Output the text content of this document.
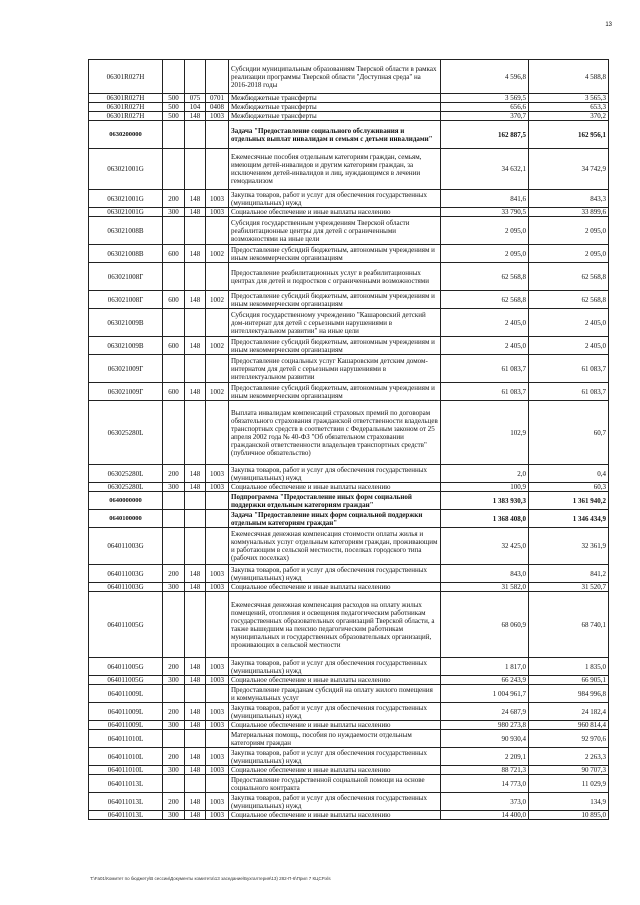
13
06301R027H				Субсидии муниципальным образованиям Тверской области в рамках реализации программы Тверской области "Доступная среда" на 2016-2018 годы	4 596,8	4 588,8
06301R027H	500	075	0701	Межбюджетные трансферты	3 569,5	3 565,3
06301R027H	500	104	0408	Межбюджетные трансферты	656,6	653,3
06301R027H	500	148	1003	Межбюджетные трансферты	370,7	370,2
0630200000				Задача "Предоставление социального обслуживания и отдельных выплат инвалидам и семьям с детьми инвалидами"	162 887,5	162 956,1
063021001G				Ежемесячные пособия отдельным категориям граждан, семьям, имеющим детей-инвалидов и другим категориям граждан, за исключением детей-инвалидов и лиц, нуждающимся в лечении гемодиализом	34 632,1	34 742,9
063021001G	200	148	1003	Закупка товаров, работ и услуг для обеспечения государственных (муниципальных) нужд	841,6	843,3
063021001G	300	148	1003	Социальное обеспечение и иные выплаты населению	33 790,5	33 899,6
063021008B				Субсидия государственным учреждениям Тверской области реабилитационные центры для детей с ограниченными возможностями на иные цели	2 095,0	2 095,0
063021008B	600	148	1002	Предоставление субсидий бюджетным, автономным учреждениям и иным некоммерческим организациям	2 095,0	2 095,0
063021008Г				Предоставление реабилитационных услуг в реабилитационных центрах для детей и подростков с ограниченными возможностями	62 568,8	62 568,8
063021008Г	600	148	1002	Предоставление субсидий бюджетным, автономным учреждениям и иным некоммерческим организациям	62 568,8	62 568,8
063021009B				Субсидия государственному учреждению "Кашаровский детский дом-интернат для детей с серьезными нарушениями в интеллектуальном развитии" на иные цели	2 405,0	2 405,0
063021009B	600	148	1002	Предоставление субсидий бюджетным, автономным учреждениям и иным некоммерческим организациям	2 405,0	2 405,0
063021009Г				Предоставление социальных услуг Кашаровским детским домом-интернатом для детей с серьезными нарушениями в интеллектуальном развитии	61 083,7	61 083,7
063021009Г	600	148	1002	Предоставление субсидий бюджетным, автономным учреждениям и иным некоммерческим организациям	61 083,7	61 083,7
063025280L				Выплата инвалидам компенсаций страховых премий по договорам обязательного страхования гражданской ответственности владельцев транспортных средств в соответствии с Федеральным законом от 25 апреля 2002 года № 40-ФЗ "Об обязательном страховании гражданской ответственности владельцев транспортных средств" (публичное обязательство)	102,9	60,7
063025280L	200	148	1003	Закупка товаров, работ и услуг для обеспечения государственных (муниципальных) нужд	2,0	0,4
063025280L	300	148	1003	Социальное обеспечение и иные выплаты населению	100,9	60,3
0640000000				Подпрограмма "Предоставление иных форм социальной поддержки отдельным категориям граждан"	1 383 930,3	1 361 940,2
0640100000				Задача "Предоставление иных форм социальной поддержки отдельным категориям граждан"	1 368 408,0	1 346 434,9
064011003G				Ежемесячная денежная компенсация стоимости оплаты жилья и коммунальных услуг отдельным категориям граждан, проживающим и работающим в сельской местности, поселках городского типа (рабочих поселках)	32 425,0	32 361,9
064011003G	200	148	1003	Закупка товаров, работ и услуг для обеспечения государственных (муниципальных) нужд	843,0	841,2
064011003G	300	148	1003	Социальное обеспечение и иные выплаты населению	31 582,0	31 520,7
064011005G				Ежемесячная денежная компенсация расходов на оплату жилых помещений, отопления и освещения педагогическим работникам государственных образовательных организаций Тверской области, а также вышедшим на пенсию педагогическим работникам муниципальных и государственных образовательных организаций, проживающих в сельской местности	68 060,9	68 740,1
064011005G	200	148	1003	Закупка товаров, работ и услуг для обеспечения государственных (муниципальных) нужд	1 817,0	1 835,0
064011005G	300	148	1003	Социальное обеспечение и иные выплаты населению	66 243,9	66 905,1
064011009L				Предоставление гражданам субсидий на оплату жилого помещения и коммунальных услуг	1 004 961,7	984 996,8
064011009L	200	148	1003	Закупка товаров, работ и услуг для обеспечения государственных (муниципальных) нужд	24 687,9	24 182,4
064011009L	300	148	1003	Социальное обеспечение и иные выплаты населению	980 273,8	960 814,4
064011010L				Материальная помощь, пособия по нуждаемости отдельным категориям граждан	90 930,4	92 970,6
064011010L	200	148	1003	Закупка товаров, работ и услуг для обеспечения государственных (муниципальных) нужд	2 209,1	2 263,3
064011010L	300	148	1003	Социальное обеспечение и иные выплаты населению	88 721,3	90 707,3
064011013L				Предоставление государственной социальной помощи на основе социального контракта	14 773,0	11 029,9
064011013L	200	148	1003	Закупка товаров, работ и услуг для обеспечения государственных (муниципальных) нужд	373,0	134,9
064011013L	300	148	1003	Социальное обеспечение и иные выплаты населению	14 400,0	10 895,0
T:\Fa01\Комитет по бюджету\В сессии\Документы комитета\13 заседание\Бухгалтерия\13) 282-П-6\Прил 7 КЦСР.xls
